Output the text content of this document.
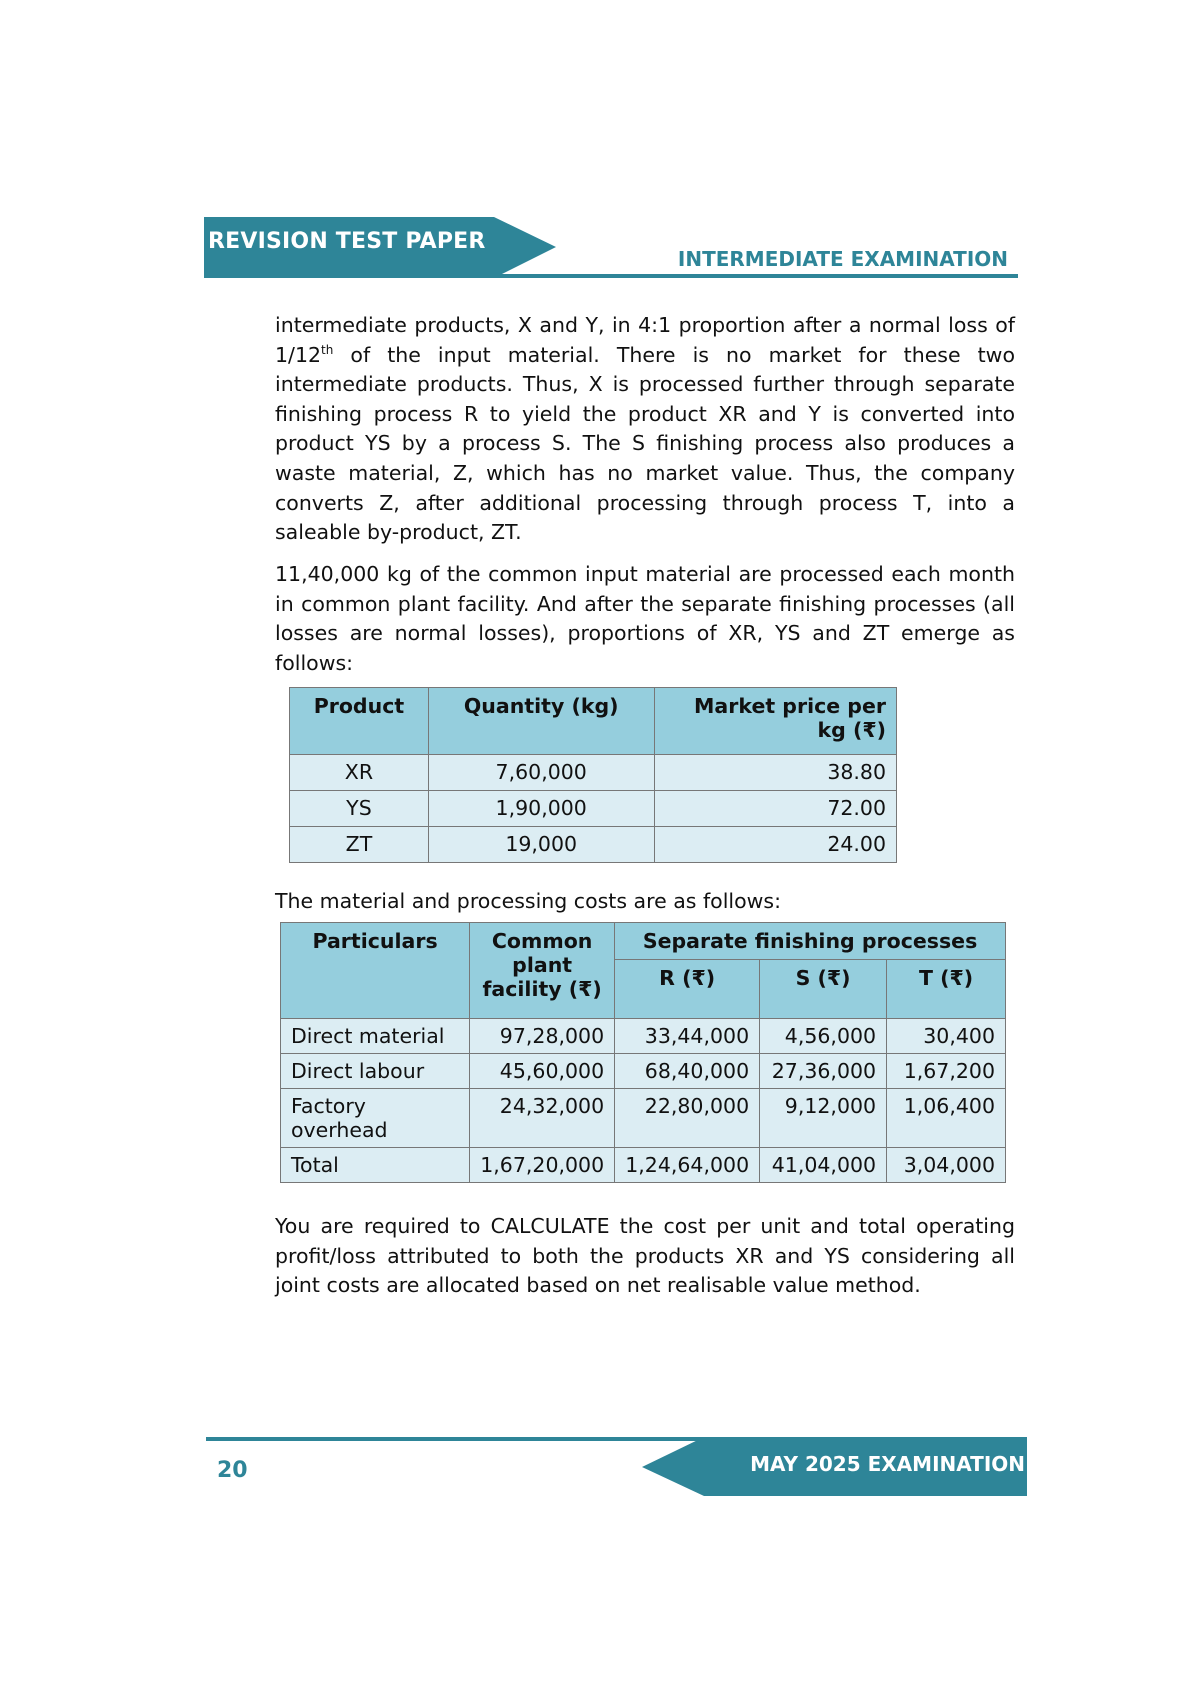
REVISION TEST PAPER
INTERMEDIATE EXAMINATION

intermediate products, X and Y, in 4:1 proportion after a normal loss of 1/12th of the input material. There is no market for these two intermediate products. Thus, X is processed further through separate finishing process R to yield the product XR and Y is converted into product YS by a process S. The S finishing process also produces a waste material, Z, which has no market value. Thus, the company converts Z, after additional processing through process T, into a saleable by-product, ZT.

11,40,000 kg of the common input material are processed each month in common plant facility. And after the separate finishing processes (all losses are normal losses), proportions of XR, YS and ZT emerge as follows:

Product	Quantity (kg)	Market price per kg (₹)
XR	7,60,000	38.80
YS	1,90,000	72.00
ZT	19,000	24.00

The material and processing costs are as follows:

Particulars	Common plant facility (₹)	Separate finishing processes		
		R (₹)	S (₹)	T (₹)
Direct material	97,28,000	33,44,000	4,56,000	30,400
Direct labour	45,60,000	68,40,000	27,36,000	1,67,200
Factory overhead	24,32,000	22,80,000	9,12,000	1,06,400
Total	1,67,20,000	1,24,64,000	41,04,000	3,04,000

You are required to CALCULATE the cost per unit and total operating profit/loss attributed to both the products XR and YS considering all joint costs are allocated based on net realisable value method.

MAY 2025 EXAMINATION
20
